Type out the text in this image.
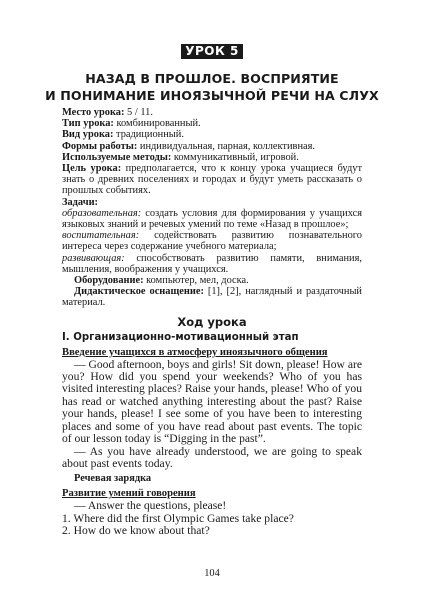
УРОК 5
НАЗАД В ПРОШЛОЕ. ВОСПРИЯТИЕ
И ПОНИМАНИЕ ИНОЯЗЫЧНОЙ РЕЧИ НА СЛУХ

Место урока: 5 / 11.

Тип урока: комбинированный.

Вид урока: традиционный.

Формы работы: индивидуальная, парная, коллективная.

Используемые методы: коммуникативный, игровой.

Цель урока: предполагается, что к концу урока учащиеся будут знать о древних поселениях и городах и будут уметь рассказать о прошлых событиях.

Задачи:

образовательная: создать условия для формирования у учащихся языковых знаний и речевых умений по теме «Назад в прошлое»;

воспитательная: содействовать развитию познавательного интереса через содержание учебного материала;

развивающая: способствовать развитию памяти, внимания, мышления, воображения у учащихся.

Оборудование: компьютер, мел, доска.

Дидактическое оснащение: [1], [2], наглядный и раздаточный материал.

Ход урока
I. Организационно-мотивационный этап
Введение учащихся в атмосферу иноязычного общения

— Good afternoon, boys and girls! Sit down, please! How are you? How did you spend your weekends? Who of you has visited interesting places? Raise your hands, please! Who of you has read or watched anything interesting about the past? Raise your hands, please! I see some of you have been to interesting places and some of you have read about past events. The topic of our lesson today is “Digging in the past”.

— As you have already understood, we are going to speak about past events today.

Речевая зарядка
Развитие умений говорения

— Answer the questions, please!

1. Where did the first Olympic Games take place?

2. How do we know about that?

104
